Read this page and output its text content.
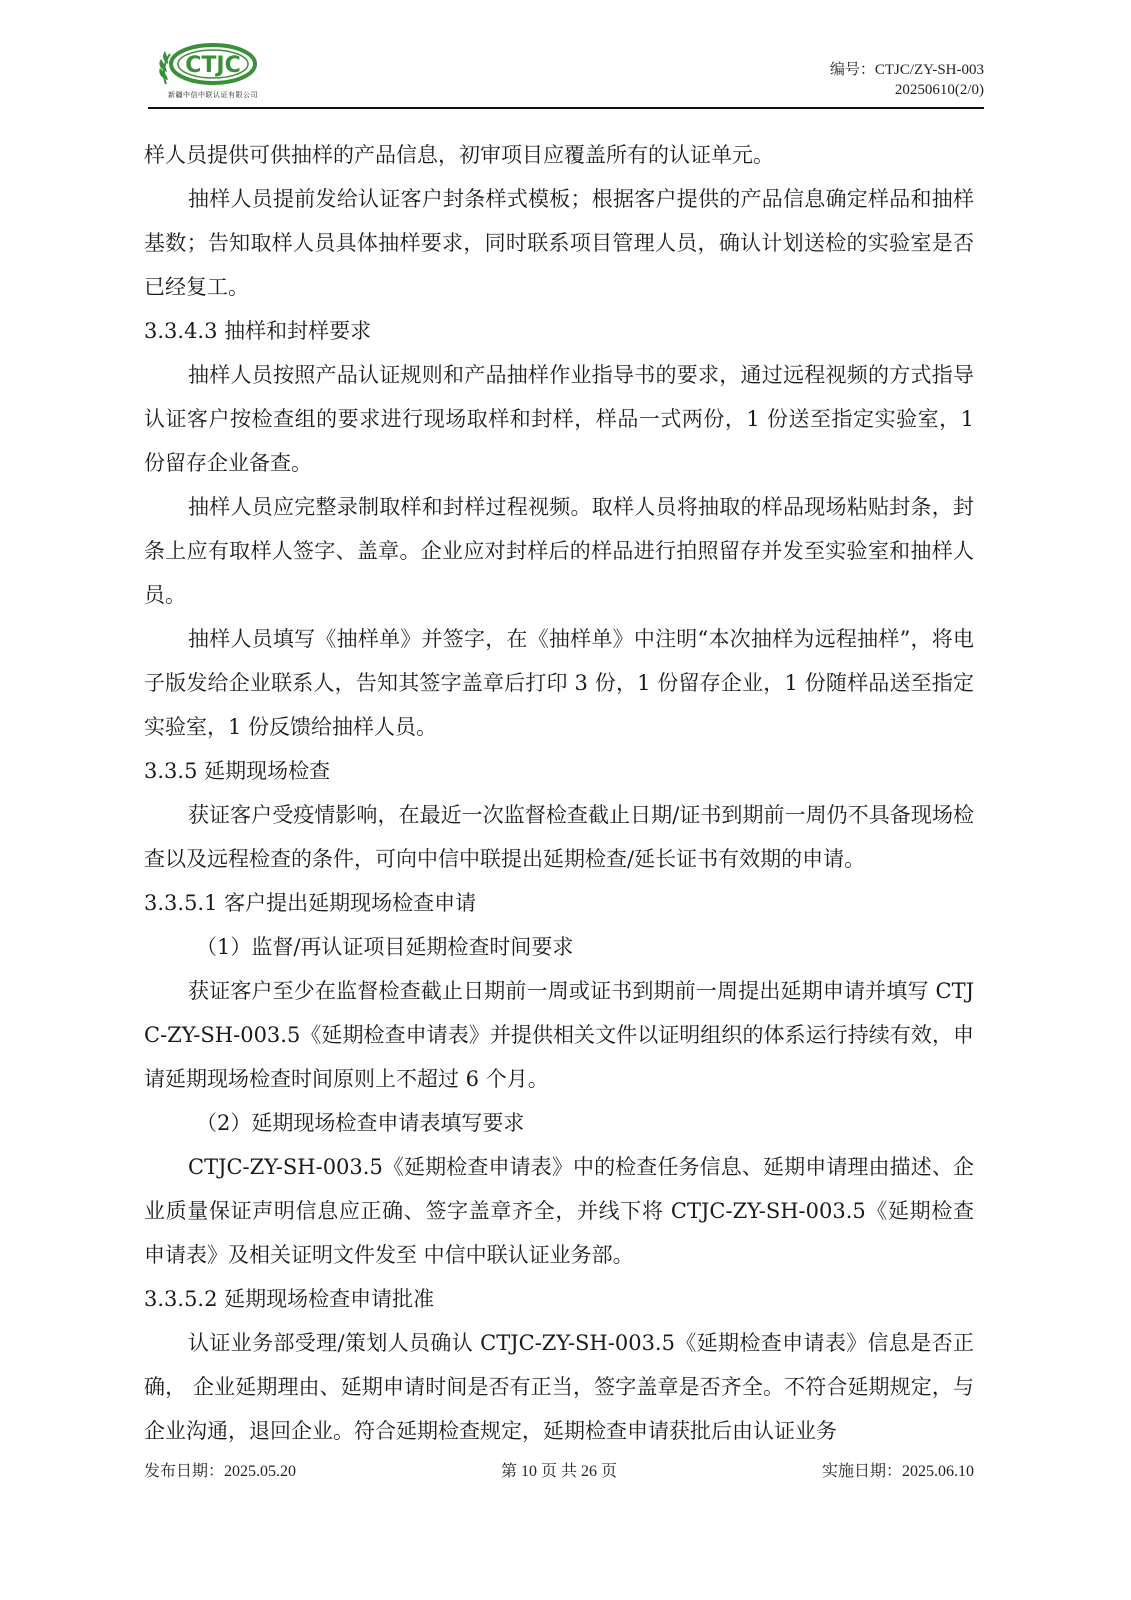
CTJC
新疆中信中联认证有限公司
编号：CTJC/ZY-SH-003
20250610(2/0)

样人员提供可供抽样的产品信息，初审项目应覆盖所有的认证单元。

抽样人员提前发给认证客户封条样式模板；根据客户提供的产品信息确定样品和抽样 基数；告知取样人员具体抽样要求，同时联系项目管理人员，确认计划送检的实验室是否已经复工。

3.3.4.3 抽样和封样要求

抽样人员按照产品认证规则和产品抽样作业指导书的要求，通过远程视频的方式指导认证客户按检查组的要求进行现场取样和封样，样品一式两份，1 份送至指定实验室，1 份留存企业备查。

抽样人员应完整录制取样和封样过程视频。取样人员将抽取的样品现场粘贴封条，封条上应有取样人签字、盖章。企业应对封样后的样品进行拍照留存并发至实验室和抽样人 员。

抽样人员填写《抽样单》并签字，在《抽样单》中注明“本次抽样为远程抽样”，将电子版发给企业联系人，告知其签字盖章后打印 3 份，1 份留存企业，1 份随样品送至指定实验室，1 份反馈给抽样人员。

3.3.5 延期现场检查

获证客户受疫情影响，在最近一次监督检查截止日期/证书到期前一周仍不具备现场检查以及远程检查的条件，可向中信中联提出延期检查/延长证书有效期的申请。

3.3.5.1 客户提出延期现场检查申请

（1）监督/再认证项目延期检查时间要求

获证客户至少在监督检查截止日期前一周或证书到期前一周提出延期申请并填写 CTJC-ZY-SH-003.5《延期检查申请表》并提供相关文件以证明组织的体系运行持续有效，申请延期现场检查时间原则上不超过 6 个月。

（2）延期现场检查申请表填写要求

CTJC-ZY-SH-003.5《延期检查申请表》中的检查任务信息、延期申请理由描述、企业质量保证声明信息应正确、签字盖章齐全，并线下将 CTJC-ZY-SH-003.5《延期检查申请表》及相关证明文件发至 中信中联认证业务部。

3.3.5.2 延期现场检查申请批准

认证业务部受理/策划人员确认 CTJC-ZY-SH-003.5《延期检查申请表》信息是否正确， 企业延期理由、延期申请时间是否有正当，签字盖章是否齐全。不符合延期规定，与企业沟通，退回企业。符合延期检查规定，延期检查申请获批后由认证业务

发布日期：2025.05.20	第 10 页 共 26 页	实施日期：2025.06.10
